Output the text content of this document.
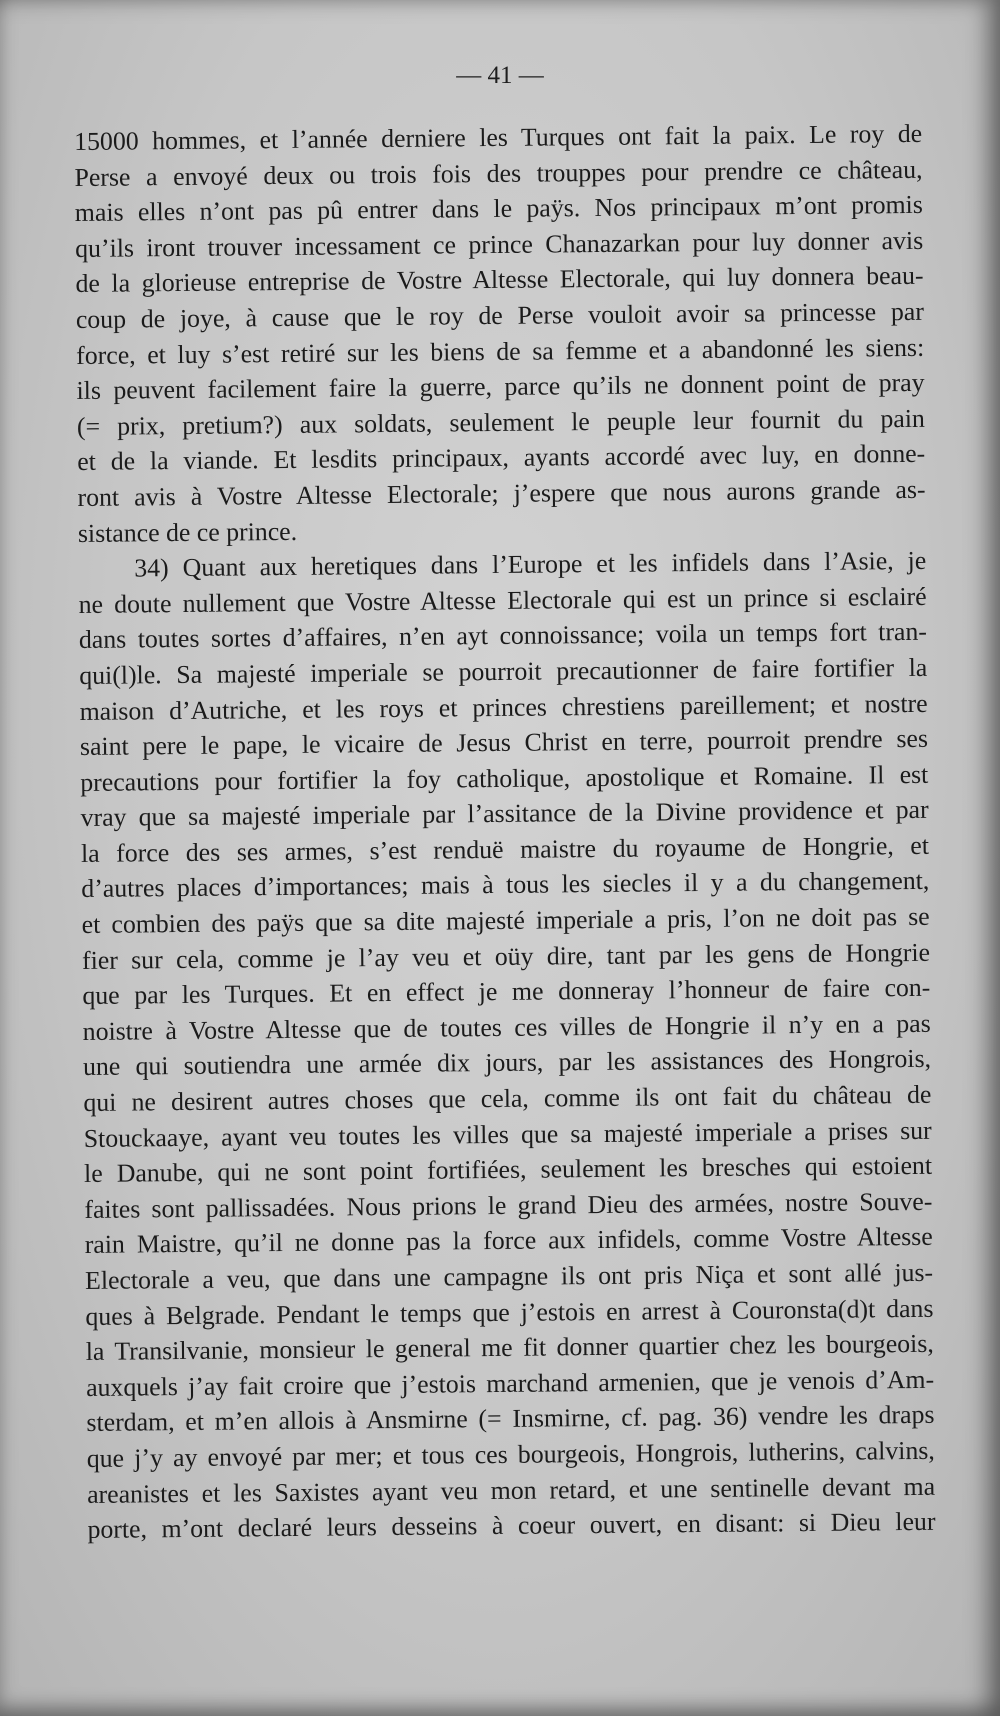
— 41 —
15000 hommes, et l’année derniere les Turques ont fait la paix. Le roy de
Perse a envoyé deux ou trois fois des trouppes pour prendre ce château,
mais elles n’ont pas pû entrer dans le paÿs. Nos principaux m’ont promis
qu’ils iront trouver incessament ce prince Chanazarkan pour luy donner avis
de la glorieuse entreprise de Vostre Altesse Electorale, qui luy donnera beau-
coup de joye, à cause que le roy de Perse vouloit avoir sa princesse par
force, et luy s’est retiré sur les biens de sa femme et a abandonné les siens:
ils peuvent facilement faire la guerre, parce qu’ils ne donnent point de pray
(= prix, pretium?) aux soldats, seulement le peuple leur fournit du pain
et de la viande. Et lesdits principaux, ayants accordé avec luy, en donne-
ront avis à Vostre Altesse Electorale; j’espere que nous aurons grande as-
sistance de ce prince.
34) Quant aux heretiques dans l’Europe et les infidels dans l’Asie, je
ne doute nullement que Vostre Altesse Electorale qui est un prince si esclairé
dans toutes sortes d’affaires, n’en ayt connoissance; voila un temps fort tran-
qui(l)le. Sa majesté imperiale se pourroit precautionner de faire fortifier la
maison d’Autriche, et les roys et princes chrestiens pareillement; et nostre
saint pere le pape, le vicaire de Jesus Christ en terre, pourroit prendre ses
precautions pour fortifier la foy catholique, apostolique et Romaine. Il est
vray que sa majesté imperiale par l’assitance de la Divine providence et par
la force des ses armes, s’est renduë maistre du royaume de Hongrie, et
d’autres places d’importances; mais à tous les siecles il y a du changement,
et combien des paÿs que sa dite majesté imperiale a pris, l’on ne doit pas se
fier sur cela, comme je l’ay veu et oüy dire, tant par les gens de Hongrie
que par les Turques. Et en effect je me donneray l’honneur de faire con-
noistre à Vostre Altesse que de toutes ces villes de Hongrie il n’y en a pas
une qui soutiendra une armée dix jours, par les assistances des Hongrois,
qui ne desirent autres choses que cela, comme ils ont fait du château de
Stouckaaye, ayant veu toutes les villes que sa majesté imperiale a prises sur
le Danube, qui ne sont point fortifiées, seulement les bresches qui estoient
faites sont pallissadées. Nous prions le grand Dieu des armées, nostre Souve-
rain Maistre, qu’il ne donne pas la force aux infidels, comme Vostre Altesse
Electorale a veu, que dans une campagne ils ont pris Niça et sont allé jus-
ques à Belgrade. Pendant le temps que j’estois en arrest à Couronsta(d)t dans
la Transilvanie, monsieur le general me fit donner quartier chez les bourgeois,
auxquels j’ay fait croire que j’estois marchand armenien, que je venois d’Am-
sterdam, et m’en allois à Ansmirne (= Insmirne, cf. pag. 36) vendre les draps
que j’y ay envoyé par mer; et tous ces bourgeois, Hongrois, lutherins, calvins,
areanistes et les Saxistes ayant veu mon retard, et une sentinelle devant ma
porte, m’ont declaré leurs desseins à coeur ouvert, en disant: si Dieu leur
